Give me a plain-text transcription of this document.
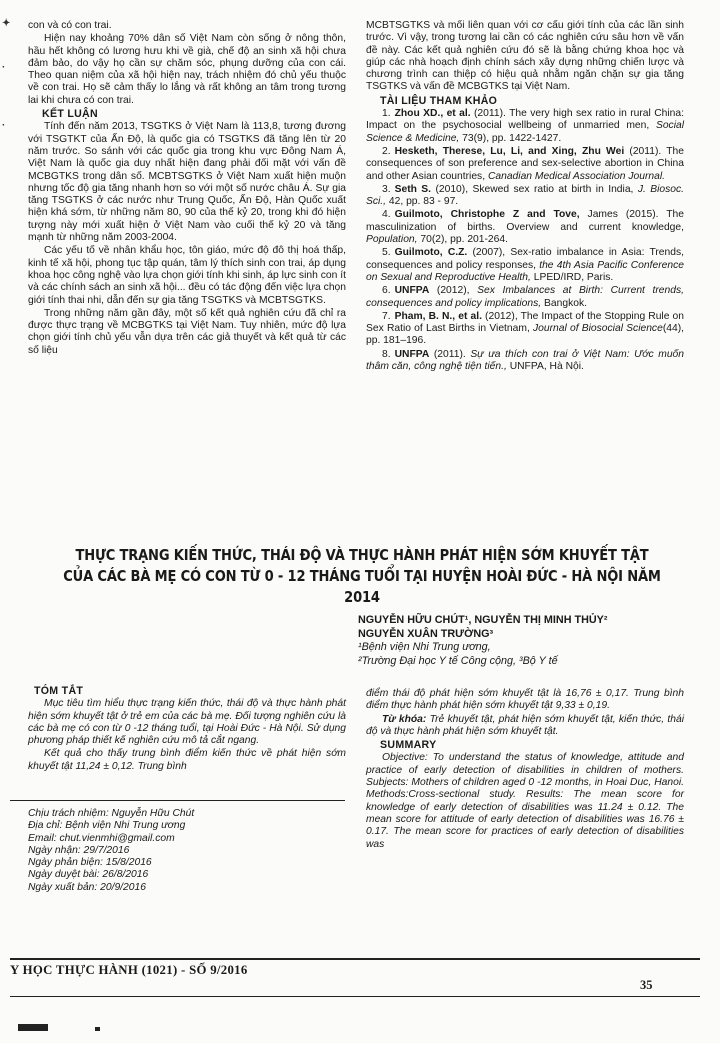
✦
·
·

con và có con trai.

Hiện nay khoảng 70% dân số Việt Nam còn sống ở nông thôn, hầu hết không có lương hưu khi về già, chế độ an sinh xã hội chưa đảm bảo, do vậy họ cần sự chăm sóc, phụng dưỡng của con cái. Theo quan niệm của xã hội hiện nay, trách nhiệm đó chủ yếu thuộc về con trai. Họ sẽ cảm thấy lo lắng và rất không an tâm trong tương lai khi chưa có con trai.

KẾT LUẬN

Tính đến năm 2013, TSGTKS ở Việt Nam là 113,8, tương đương với TSGTKT của Ấn Độ, là quốc gia có TSGTKS đã tăng lên từ 20 năm trước. So sánh với các quốc gia trong khu vực Đông Nam Á, Việt Nam là quốc gia duy nhất hiện đang phải đối mặt với vấn đề MCBGTKS trong dân số. MCBTSGTKS ở Việt Nam xuất hiện muộn nhưng tốc độ gia tăng nhanh hơn so với một số nước châu Á. Sự gia tăng TSGTKS ở các nước như Trung Quốc, Ấn Độ, Hàn Quốc xuất hiện khá sớm, từ những năm 80, 90 của thế kỷ 20, trong khi đó hiện tượng này mới xuất hiện ở Việt Nam vào cuối thế kỷ 20 và tăng mạnh từ những năm 2003-2004.

Các yếu tố về nhân khẩu học, tôn giáo, mức độ đô thị hoá thấp, kinh tế xã hội, phong tục tập quán, tâm lý thích sinh con trai, áp dụng khoa học công nghệ vào lựa chọn giới tính khi sinh, áp lực sinh con ít và các chính sách an sinh xã hội... đều có tác động đến việc lựa chọn giới tính thai nhi, dẫn đến sự gia tăng TSGTKS và MCBTSGTKS.

Trong những năm gần đây, một số kết quả nghiên cứu đã chỉ ra được thực trạng về MCBGTKS tại Việt Nam. Tuy nhiên, mức độ lựa chọn giới tính chủ yếu vẫn dựa trên các giả thuyết và kết quả từ các số liệu

MCBTSGTKS và mối liên quan với cơ cấu giới tính của các lần sinh trước. Vì vậy, trong tương lai cần có các nghiên cứu sâu hơn về vấn đề này. Các kết quả nghiên cứu đó sẽ là bằng chứng khoa học và giúp các nhà hoạch định chính sách xây dựng những chiến lược và chương trình can thiệp có hiệu quả nhằm ngăn chặn sự gia tăng TSGTKS và vấn đề MCBGTKS tại Việt Nam.

TÀI LIỆU THAM KHẢO

1. Zhou XD., et al. (2011). The very high sex ratio in rural China: Impact on the psychosocial wellbeing of unmarried men, Social Science & Medicine, 73(9), pp. 1422-1427.

2. Hesketh, Therese, Lu, Li, and Xing, Zhu Wei (2011). The consequences of son preference and sex-selective abortion in China and other Asian countries, Canadian Medical Association Journal.

3. Seth S. (2010), Skewed sex ratio at birth in India, J. Biosoc. Sci., 42, pp. 83 - 97.

4. Guilmoto, Christophe Z and Tove, James (2015). The masculinization of births. Overview and current knowledge, Population, 70(2), pp. 201-264.

5. Guilmoto, C.Z. (2007), Sex-ratio imbalance in Asia: Trends, consequences and policy responses, the 4th Asia Pacific Conference on Sexual and Reproductive Health, LPED/IRD, Paris.

6. UNFPA (2012), Sex Imbalances at Birth: Current trends, consequences and policy implications, Bangkok.

7. Pham, B. N., et al. (2012), The Impact of the Stopping Rule on Sex Ratio of Last Births in Vietnam, Journal of Biosocial Science(44), pp. 181–196.

8. UNFPA (2011). Sự ưa thích con trai ở Việt Nam: Ước muốn thâm căn, công nghệ tiện tiến., UNFPA, Hà Nội.

THỰC TRẠNG KIẾN THỨC, THÁI ĐỘ VÀ THỰC HÀNH PHÁT HIỆN SỚM KHUYẾT TẬT
CỦA CÁC BÀ MẸ CÓ CON TỪ 0 - 12 THÁNG TUỔI TẠI HUYỆN HOÀI ĐỨC - HÀ NỘI NĂM 2014
NGUYỄN HỮU CHÚT¹, NGUYỄN THỊ MINH THỦY²
NGUYỄN XUÂN TRƯỜNG³
¹Bệnh viện Nhi Trung ương,
²Trường Đại học Y tế Công cộng, ³Bộ Y tế
TÓM TẮT

Mục tiêu tìm hiểu thực trạng kiến thức, thái độ và thực hành phát hiện sớm khuyết tật ở trẻ em của các bà mẹ. Đối tượng nghiên cứu là các bà mẹ có con từ 0 -12 tháng tuổi, tại Hoài Đức - Hà Nội. Sử dụng phương pháp thiết kế nghiên cứu mô tả cắt ngang.

Kết quả cho thấy trung bình điểm kiến thức về phát hiện sớm khuyết tật 11,24 ± 0,12. Trung bình

Chịu trách nhiệm: Nguyễn Hữu Chút
Địa chỉ: Bệnh viện Nhi Trung ương
Email: chut.vienmhi@gmail.com
Ngày nhận: 29/7/2016
Ngày phản biện: 15/8/2016
Ngày duyệt bài: 26/8/2016
Ngày xuất bản: 20/9/2016

điểm thái độ phát hiện sớm khuyết tật là 16,76 ± 0,17. Trung bình điểm thực hành phát hiện sớm khuyết tật 9,33 ± 0,19.

Từ khóa: Trẻ khuyết tật, phát hiện sớm khuyết tật, kiến thức, thái độ và thực hành phát hiện sớm khuyết tật.

SUMMARY

Objective: To understand the status of knowledge, attitude and practice of early detection of disabilities in children of mothers. Subjects: Mothers of children aged 0 -12 months, in Hoai Duc, Hanoi. Methods:Cross-sectional study. Results: The mean score for knowledge of early detection of disabilities was 11.24 ± 0.12. The mean score for attitude of early detection of disabilities was 16.76 ± 0.17. The mean score for practices of early detection of disabilities was

Y HỌC THỰC HÀNH (1021) - SỐ 9/2016
35
